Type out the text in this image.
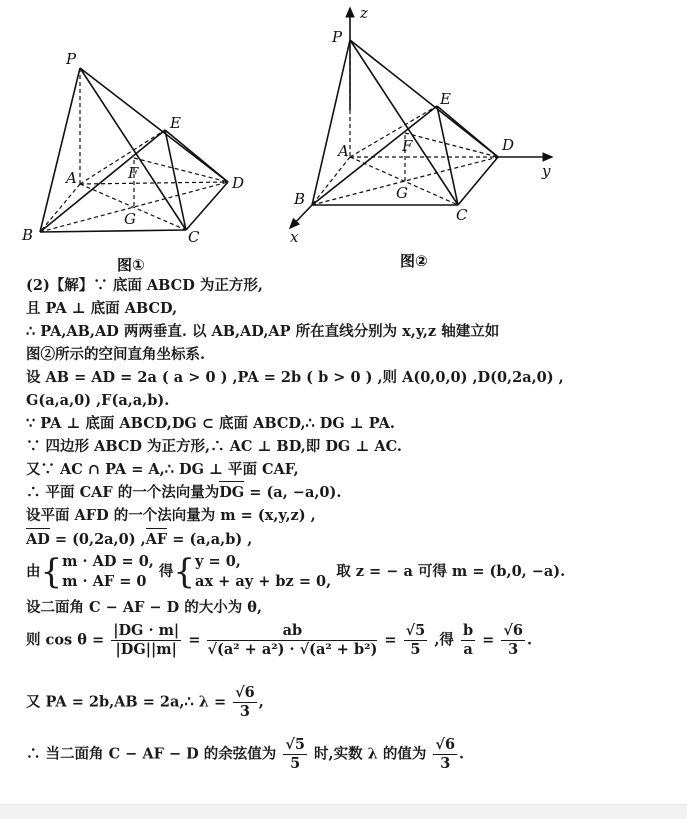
P
E
A	F
D
G
B	C
图①
z
P
E
A	F	D
y
B	G
C
x
图②
(2)【解】∵ 底面 ABCD 为正方形,
且 PA ⊥ 底面 ABCD,
∴ PA,AB,AD 两两垂直. 以 AB,AD,AP 所在直线分别为 x,y,z 轴建立如
图②所示的空间直角坐标系.
设 AB = AD = 2a ( a > 0 ) ,PA = 2b ( b > 0 ) ,则 A(0,0,0) ,D(0,2a,0) ,
G(a,a,0) ,F(a,a,b).
∵ PA ⊥ 底面 ABCD,DG ⊂ 底面 ABCD,∴ DG ⊥ PA.
∵ 四边形 ABCD 为正方形,∴ AC ⊥ BD,即 DG ⊥ AC.
又∵ AC ∩ PA = A,∴ DG ⊥ 平面 CAF,
∴ 平面 CAF 的一个法向量为DG = (a, −a,0).
设平面 AFD 的一个法向量为 m = (x,y,z) ,
AD = (0,2a,0) ,AF = (a,a,b) ,
由{ m · AD = 0,
m · AF = 0
得{ y = 0,
ax + ay + bz = 0,
取 z = − a 可得 m = (b,0, −a).
设二面角 C − AF − D 的大小为 θ,
则 $\cos \theta = \frac{|DG \cdot m|}{|DG||m|} = \frac{ab}{\text{√(a² + a²) · √(a² + b²)}} = \frac{√5}{5}$ ,得 $\frac{b}{a} = \frac{√6}{3}$ .
又 PA = 2b,AB = 2a,∴ $\lambda = \frac{√6}{3}$ ,
∴ 当二面角 C − AF − D 的余弦值为 $\frac{√5}{5}$ 时,实数 λ 的值为 $\frac{√6}{3}$ .
